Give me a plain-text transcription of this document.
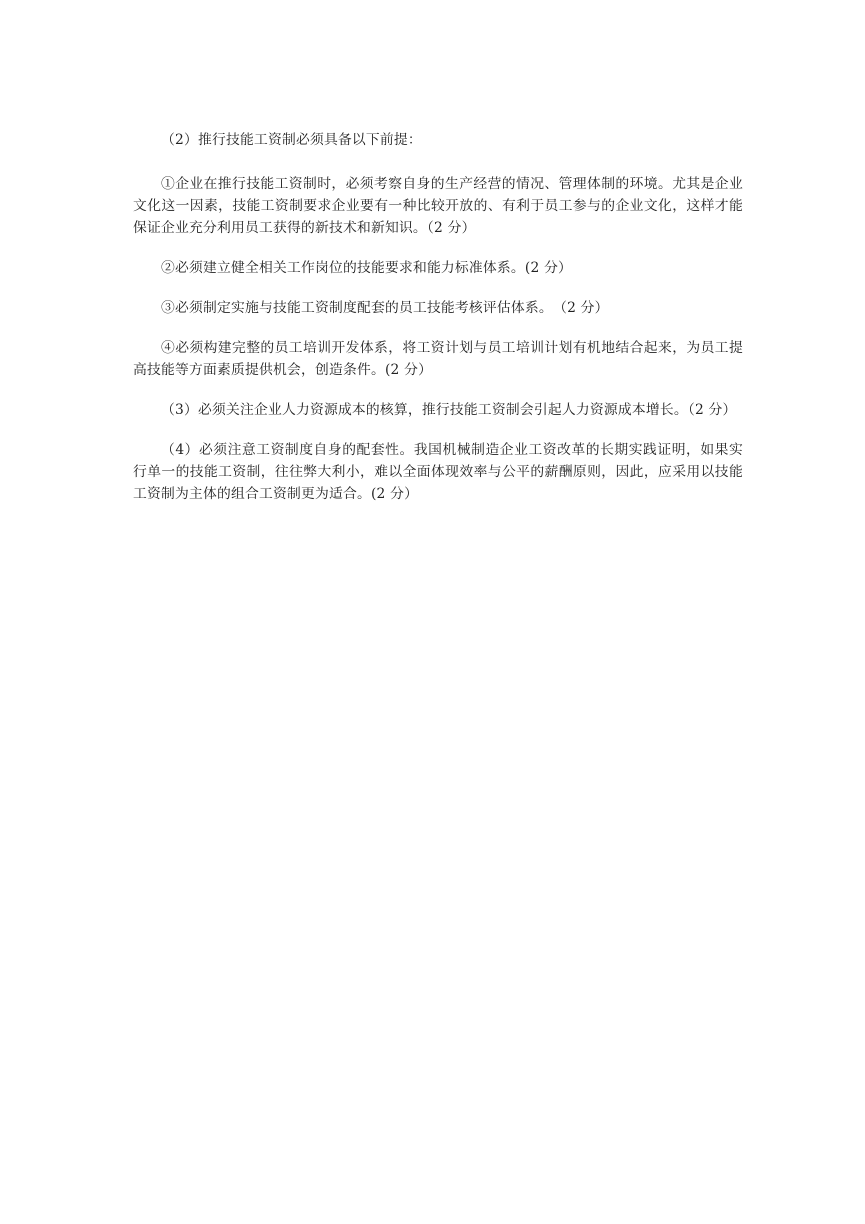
（2）推行技能工资制必须具备以下前提：

①企业在推行技能工资制时，必须考察自身的生产经营的情况、管理体制的环境。尤其是企业文化这一因素，技能工资制要求企业要有一种比较开放的、有利于员工参与的企业文化，这样才能保证企业充分利用员工获得的新技术和新知识。（2 分）

②必须建立健全相关工作岗位的技能要求和能力标准体系。(2 分）

③必须制定实施与技能工资制度配套的员工技能考核评估体系。　（2 分）

④必须构建完整的员工培训开发体系，将工资计划与员工培训计划有机地结合起来，为员工提高技能等方面素质提供机会，创造条件。(2 分）

（3）必须关注企业人力资源成本的核算，推行技能工资制会引起人力资源成本增长。（2 分）

（4）必须注意工资制度自身的配套性。我国机械制造企业工资改革的长期实践证明，如果实行单一的技能工资制，往往弊大利小，难以全面体现效率与公平的薪酬原则，因此，应采用以技能工资制为主体的组合工资制更为适合。(2 分）
